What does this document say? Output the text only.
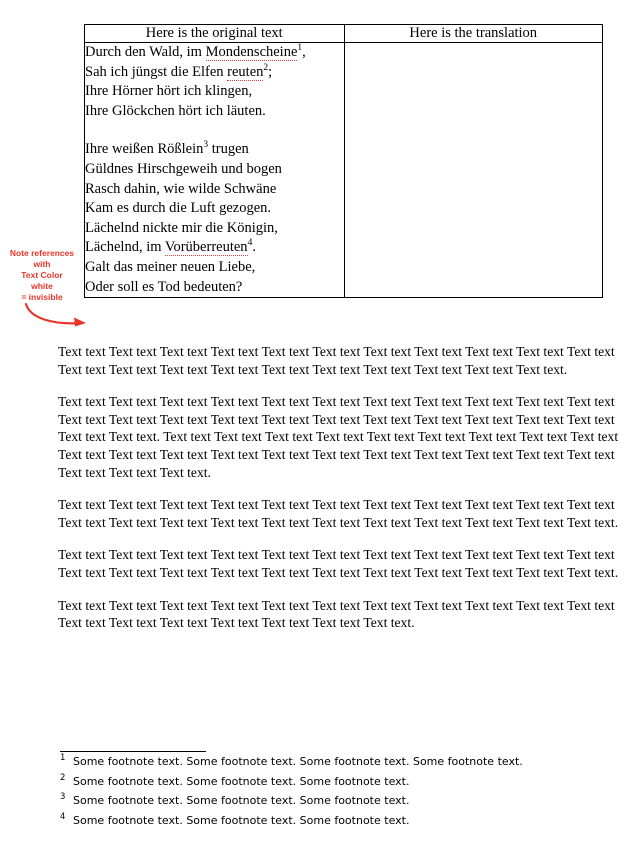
Note references
with
Text Color
white
= invisible
Here is the original text	Here is the translation

Durch den Wald, im Mondenscheine$^1$,
Sah ich jüngst die Elfen reuten$^2$;
Ihre Hörner hört ich klingen,
Ihre Glöckchen hört ich läuten.
Ihre weißen Rößlein$^3$ trugen
Güldnes Hirschgeweih und bogen
Rasch dahin, wie wilde Schwäne
Kam es durch die Luft gezogen.
Lächelnd nickte mir die Königin,
Lächelnd, im Vorüberreuten$^4$.
Galt das meiner neuen Liebe,
Oder soll es Tod bedeuten?

Text text Text text Text text Text text Text text Text text Text text Text text Text text Text text Text text Text text Text text Text text Text text Text text Text text Text text Text text Text text Text text.

Text text Text text Text text Text text Text text Text text Text text Text text Text text Text text Text text Text text Text text Text text Text text Text text Text text Text text Text text Text text Text text Text text Text text Text text. Text text Text text Text text Text text Text text Text text Text text Text text Text text Text text Text text Text text Text text Text text Text text Text text Text text Text text Text text Text text Text text Text text Text text.

Text text Text text Text text Text text Text text Text text Text text Text text Text text Text text Text text Text text Text text Text text Text text Text text Text text Text text Text text Text text Text text Text text.

Text text Text text Text text Text text Text text Text text Text text Text text Text text Text text Text text Text text Text text Text text Text text Text text Text text Text text Text text Text text Text text Text text.

Text text Text text Text text Text text Text text Text text Text text Text text Text text Text text Text text Text text Text text Text text Text text Text text Text text Text text.

1 Some footnote text. Some footnote text. Some footnote text. Some footnote text.
2 Some footnote text. Some footnote text. Some footnote text.
3 Some footnote text. Some footnote text. Some footnote text.
4 Some footnote text. Some footnote text. Some footnote text.
